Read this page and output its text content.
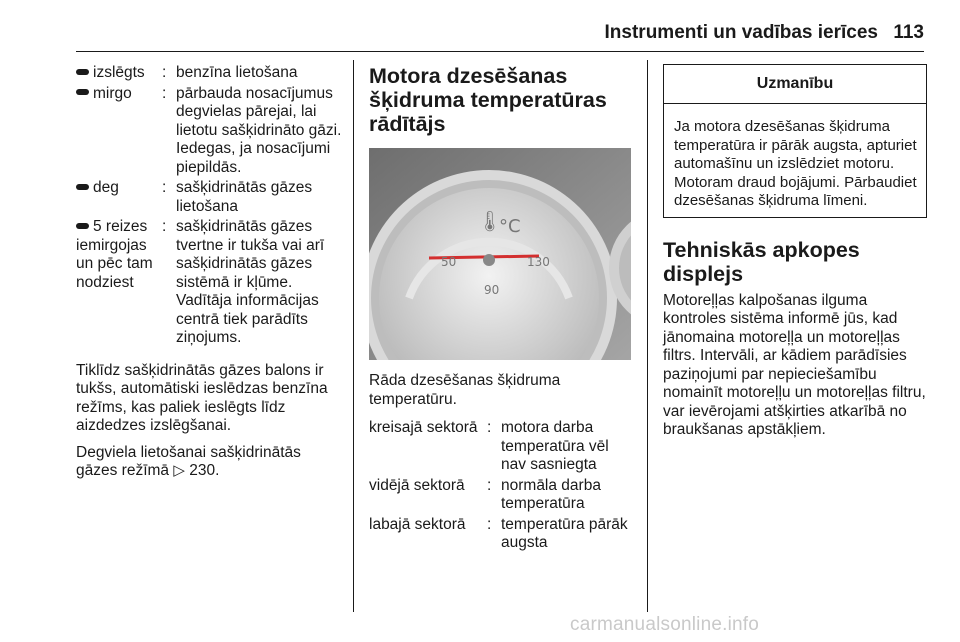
Instrumenti un vadības ierīces 113
izslēgts	:	benzīna lietošana
mirgo	:	pārbauda nosacījumus degvielas pārejai, lai lietotu sašķidrināto gāzi. Iedegas, ja nosacījumi piepildās.
deg	:	sašķidrinātās gāzes lietošana
5 reizes iemirgojas un pēc tam nodziest	:	sašķidrinātās gāzes tvertne ir tukša vai arī sašķidrinātās gāzes sistēmā ir kļūme. Vadītāja informācijas centrā tiek parādīts ziņojums.

Tiklīdz sašķidrinātās gāzes balons ir tukšs, automātiski ieslēdzas benzīna režīms, kas paliek ieslēgts līdz aizdedzes izslēgšanai.

Degviela lietošanai sašķidrinātās gāzes režīmā ▷ 230.

Motora dzesēšanas šķidruma temperatūras rādītājs
🌡
°C
50
90
130

Rāda dzesēšanas šķidruma temperatūru.

kreisajā sektorā	:	motora darba temperatūra vēl nav sasniegta
vidējā sektorā	:	normāla darba temperatūra
labajā sektorā	:	temperatūra pārāk augsta
Uzmanību
Ja motora dzesēšanas šķidruma temperatūra ir pārāk augsta, apturiet automašīnu un izslēdziet motoru. Motoram draud bojājumi. Pārbaudiet dzesēšanas šķidruma līmeni.
Tehniskās apkopes displejs

Motoreļļas kalpošanas ilguma kontroles sistēma informē jūs, kad jānomaina motoreļļa un motoreļļas filtrs. Intervāli, ar kādiem parādīsies paziņojumi par nepieciešamību nomainīt motoreļļu un motoreļļas filtru, var ievērojami atšķirties atkarībā no braukšanas apstākļiem.

carmanualsonline.info
